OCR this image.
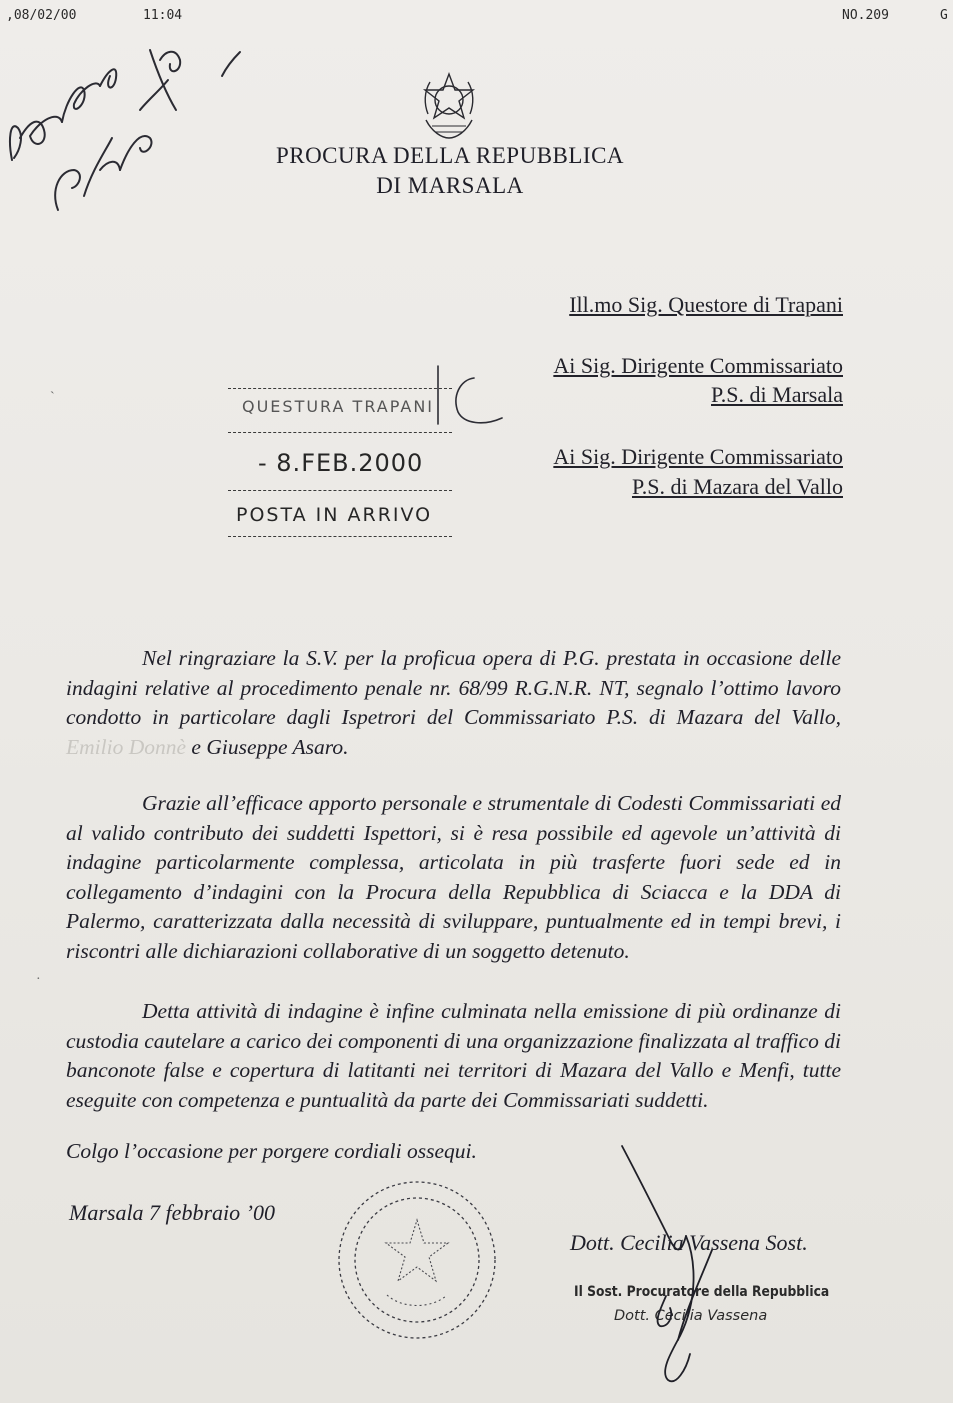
,08/02/00	11:04	NO.209	G
PROCURA DELLA REPUBBLICA
DI MARSALA
Ill.mo Sig. Questore di Trapani
Ai Sig. Dirigente Commissariato
P.S. di Marsala
Ai Sig. Dirigente Commissariato
P.S. di Mazara del Vallo
QUESTURA TRAPANI
- 8.FEB.2000
POSTA IN ARRIVO

Nel ringraziare la S.V. per la proficua opera di P.G. prestata in occasione delle indagini relative al procedimento penale nr. 68/99 R.G.N.R. NT, segnalo l’ottimo lavoro condotto in particolare dagli Ispetrori del Commissariato P.S. di Mazara del Vallo, Emilio Donnè e Giuseppe Asaro.

Grazie all’efficace apporto personale e strumentale di Codesti Commissariati ed al valido contributo dei suddetti Ispettori, si è resa possibile ed agevole un’attività di indagine particolarmente complessa, articolata in più trasferte fuori sede ed in collegamento d’indagini con la Procura della Repubblica di Sciacca e la DDA di Palermo, caratterizzata dalla necessità di sviluppare, puntualmente ed in tempi brevi, i riscontri alle dichiarazioni collaborative di un soggetto detenuto.

Detta attività di indagine è infine culminata nella emissione di più ordinanze di custodia cautelare a carico dei componenti di una organizzazione finalizzata al traffico di banconote false e copertura di latitanti nei territori di Mazara del Vallo e Menfi, tutte eseguite con competenza e puntualità da parte dei Commissariati suddetti.

Colgo l’occasione per porgere cordiali ossequi.
Marsala 7 febbraio ’00
Dott. Cecilia Vassena Sost.
Il Sost. Procuratore della Repubblica
Dott. Cecilia Vassena
`
·
